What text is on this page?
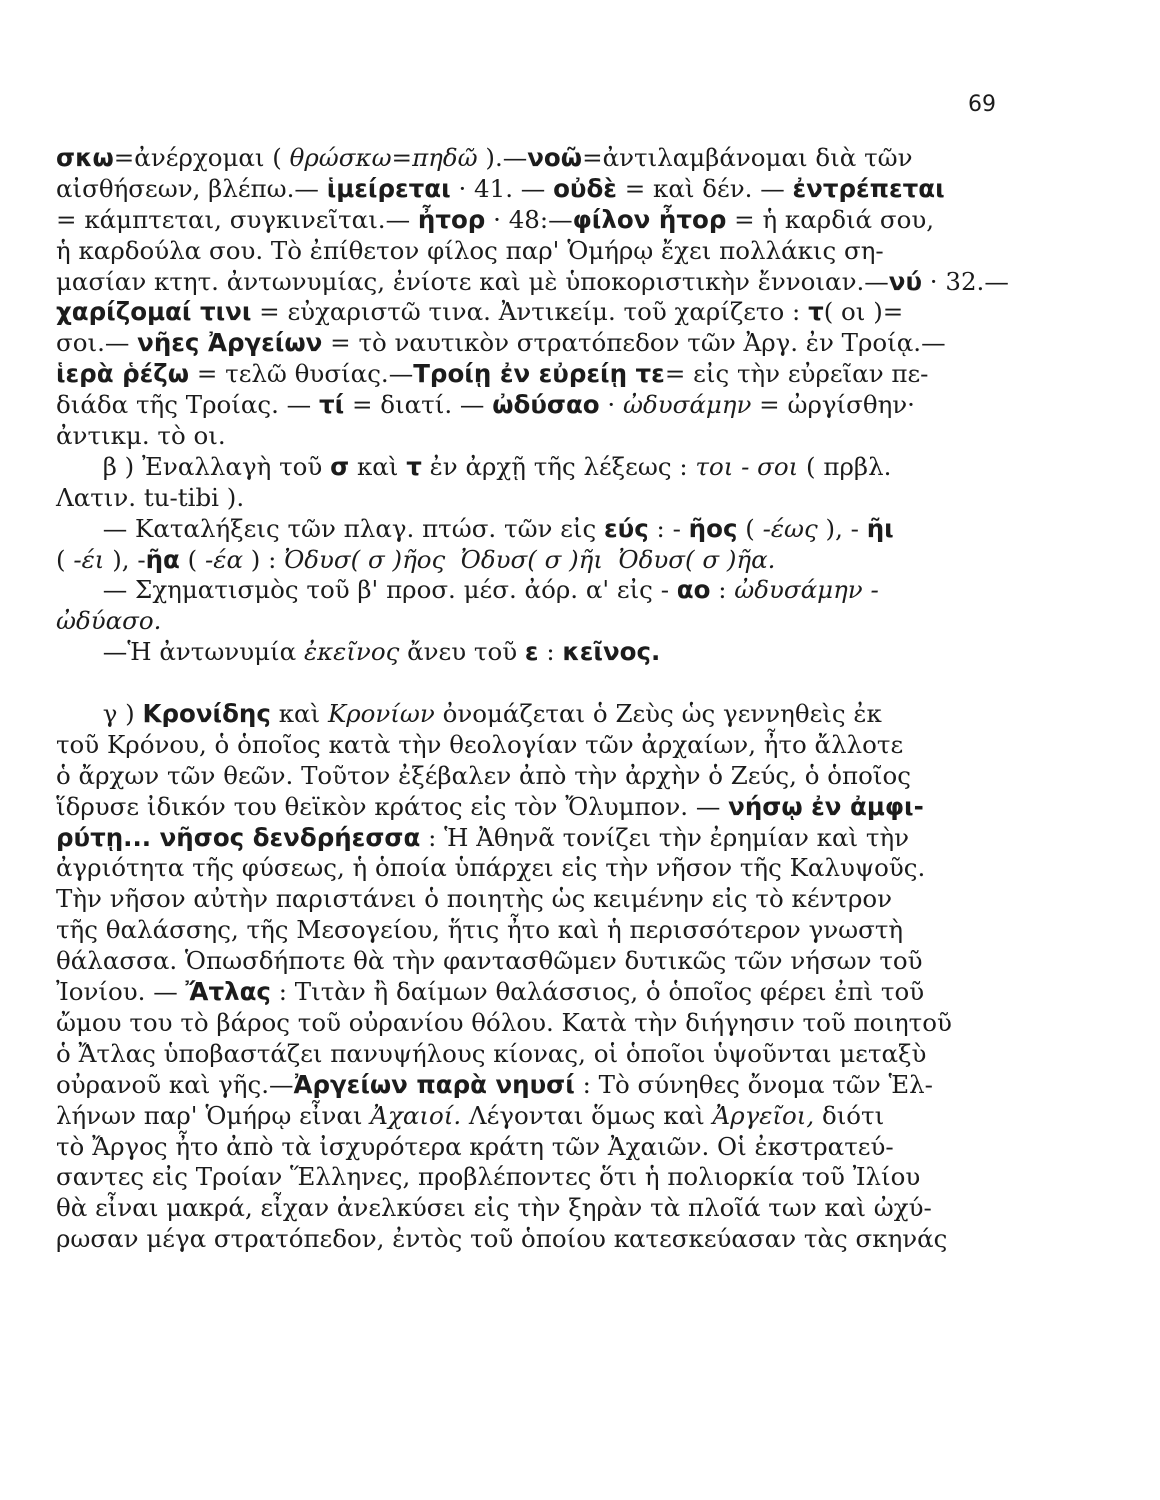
69
σκω=ἀνέρχομαι ( θρώσκω=πηδῶ ).—νοῶ=ἀντιλαμβάνομαι διὰ τῶν
αἰσθήσεων, βλέπω.— ἱμείρεται · 41. — οὐδὲ = καὶ δέν. — ἐντρέπεται
= κάμπτεται, συγκινεῖται.— ἦτορ · 48:—φίλον ἦτορ = ἡ καρδιά σου,
ἡ καρδούλα σου. Τὸ ἐπίθετον φίλος παρ' Ὁμήρῳ ἔχει πολλάκις ση-
μασίαν κτητ. ἀντωνυμίας, ἐνίοτε καὶ μὲ ὑποκοριστικὴν ἔννοιαν.—νύ · 32.—
χαρίζομαί τινι = εὐχαριστῶ τινα. Ἀντικείμ. τοῦ χαρίζετο : τ( οι )=
σοι.— νῆες Ἀργείων = τὸ ναυτικὸν στρατόπεδον τῶν Ἀργ. ἐν Τροίᾳ.—
ἱερὰ ῥέζω = τελῶ θυσίας.—Τροίῃ ἐν εὐρείῃ τε= εἰς τὴν εὐρεῖαν πε-
διάδα τῆς Τροίας. — τί = διατί. — ὠδύσαο · ὠδυσάμην = ὠργίσθην·
ἀντικμ. τὸ οι.
β ) Ἐναλλαγὴ τοῦ σ καὶ τ ἐν ἀρχῇ τῆς λέξεως : τοι - σοι ( πρβλ.
Λατιν. tu-tibi ).
— Καταλήξεις τῶν πλαγ. πτώσ. τῶν εἰς εύς : - ῆος ( -έως ), - ῆι
( -έι ), -ῆα ( -έα ) : Ὀδυσ( σ )ῆος  Ὀδυσ( σ )ῆι  Ὀδυσ( σ )ῆα.
— Σχηματισμὸς τοῦ β' προσ. μέσ. ἀόρ. α' εἰς - αο : ὠδυσάμην -
ὠδύασο.
—Ἡ ἀντωνυμία ἐκεῖνος ἄνευ τοῦ ε : κεῖνος.
γ ) Κρονίδης καὶ Κρονίων ὀνομάζεται ὁ Ζεὺς ὡς γεννηθεὶς ἐκ
τοῦ Κρόνου, ὁ ὁποῖος κατὰ τὴν θεολογίαν τῶν ἀρχαίων, ἦτο ἄλλοτε
ὁ ἄρχων τῶν θεῶν. Τοῦτον ἐξέβαλεν ἀπὸ τὴν ἀρχὴν ὁ Ζεύς, ὁ ὁποῖος
ἵδρυσε ἰδικόν του θεϊκὸν κράτος εἰς τὸν Ὄλυμπον. — νήσῳ ἐν ἀμφι-
ρύτῃ... νῆσος δενδρήεσσα : Ἡ Ἀθηνᾶ τονίζει τὴν ἐρημίαν καὶ τὴν
ἀγριότητα τῆς φύσεως, ἡ ὁποία ὑπάρχει εἰς τὴν νῆσον τῆς Καλυψοῦς.
Τὴν νῆσον αὐτὴν παριστάνει ὁ ποιητὴς ὡς κειμένην εἰς τὸ κέντρον
τῆς θαλάσσης, τῆς Μεσογείου, ἥτις ἦτο καὶ ἡ περισσότερον γνωστὴ
θάλασσα. Ὁπωσδήποτε θὰ τὴν φαντασθῶμεν δυτικῶς τῶν νήσων τοῦ
Ἰονίου. — Ἄτλας : Τιτὰν ἢ δαίμων θαλάσσιος, ὁ ὁποῖος φέρει ἐπὶ τοῦ
ὤμου του τὸ βάρος τοῦ οὐρανίου θόλου. Κατὰ τὴν διήγησιν τοῦ ποιητοῦ
ὁ Ἄτλας ὑποβαστάζει πανυψήλους κίονας, οἱ ὁποῖοι ὑψοῦνται μεταξὺ
οὐρανοῦ καὶ γῆς.—Ἀργείων παρὰ νηυσί : Τὸ σύνηθες ὄνομα τῶν Ἑλ-
λήνων παρ' Ὁμήρῳ εἶναι Ἀχαιοί. Λέγονται ὅμως καὶ Ἀργεῖοι, διότι
τὸ Ἄργος ἦτο ἀπὸ τὰ ἰσχυρότερα κράτη τῶν Ἀχαιῶν. Οἱ ἐκστρατεύ-
σαντες εἰς Τροίαν Ἕλληνες, προβλέποντες ὅτι ἡ πολιορκία τοῦ Ἰλίου
θὰ εἶναι μακρά, εἶχαν ἀνελκύσει εἰς τὴν ξηρὰν τὰ πλοῖά των καὶ ὠχύ-
ρωσαν μέγα στρατόπεδον, ἐντὸς τοῦ ὁποίου κατεσκεύασαν τὰς σκηνάς
